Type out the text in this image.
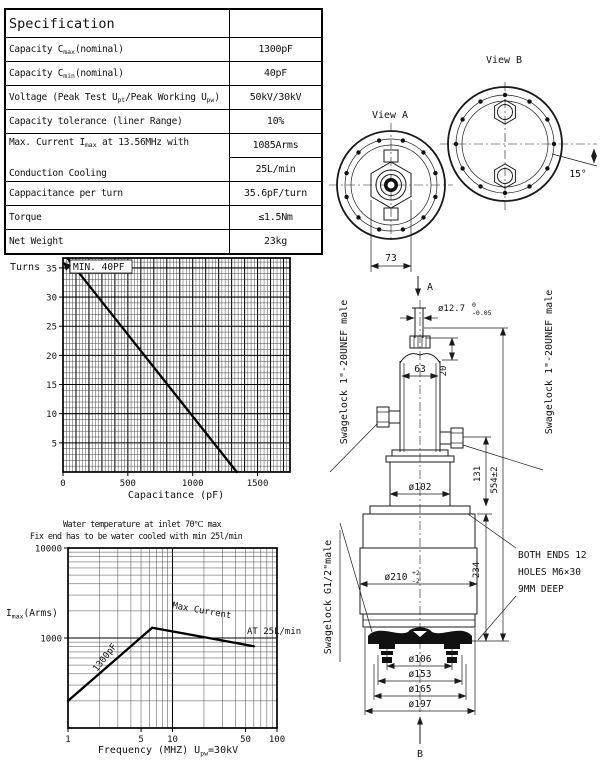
Specification	
Capacity $C_{max}(nominal)$	1300pF
Capacity $C_{min}(nominal)$	40pF
Voltage (Peak Test $U_{pt}$/Peak Working $U_{pw}$)	50kV/30kV
Capacity tolerance (liner Range)	10%

Max. Current $I_{max}$ at 13.56MHz with
Conduction Cooling	1085Arms
	25L/min
Cappacitance per turn	35.6pF/turn
Torque	≤1.5Nm
Net Weight	23kg
0	500	1000	1500
5
10
15
20
25
30
35
Turns
Capacitance (pF)
MIN. 40PF
1	5	10	50 100
10000
1000
1300pF
Max Current
AT 25L/min
Water temperature at inlet 70℃ max
Fix end has to be water cooled with min 25l/min
$I_{max}(Arms)$
Frequency (MHZ) $U_{pw}=30kV$
View A
73
View B
15°
A
B
ø12.7 0
-0.05
20
63
Swagelock 1"-20UNEF male	Swagelock 1"-20UNEF male
ø102
131
ø210 +2
-2
Swagelock G1/2"male	234
554±2
BOTH ENDS 12
HOLES M6×30
9MM DEEP
ø106
ø153
ø165
ø197
